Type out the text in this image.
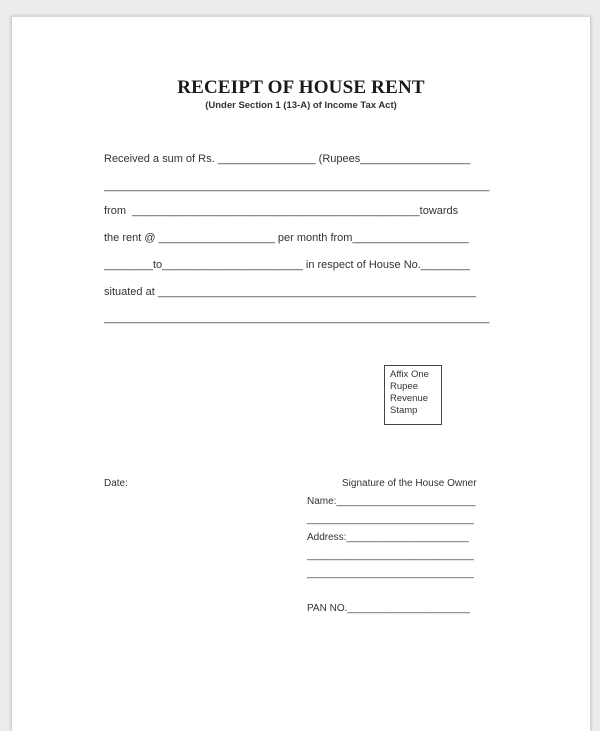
RECEIPT OF HOUSE RENT
(Under Section 1 (13-A) of Income Tax Act)
Received a sum of Rs. ________________ (Rupees__________________
_______________________________________________________________
from  _______________________________________________towards
the rent @ ___________________ per month from___________________
________to_______________________ in respect of House No.________
situated at ____________________________________________________
_______________________________________________________________
Affix One
Rupee
Revenue
Stamp
Date:	Signature of the House Owner
Name:_________________________
______________________________
Address:______________________
______________________________
______________________________
PAN NO.______________________
